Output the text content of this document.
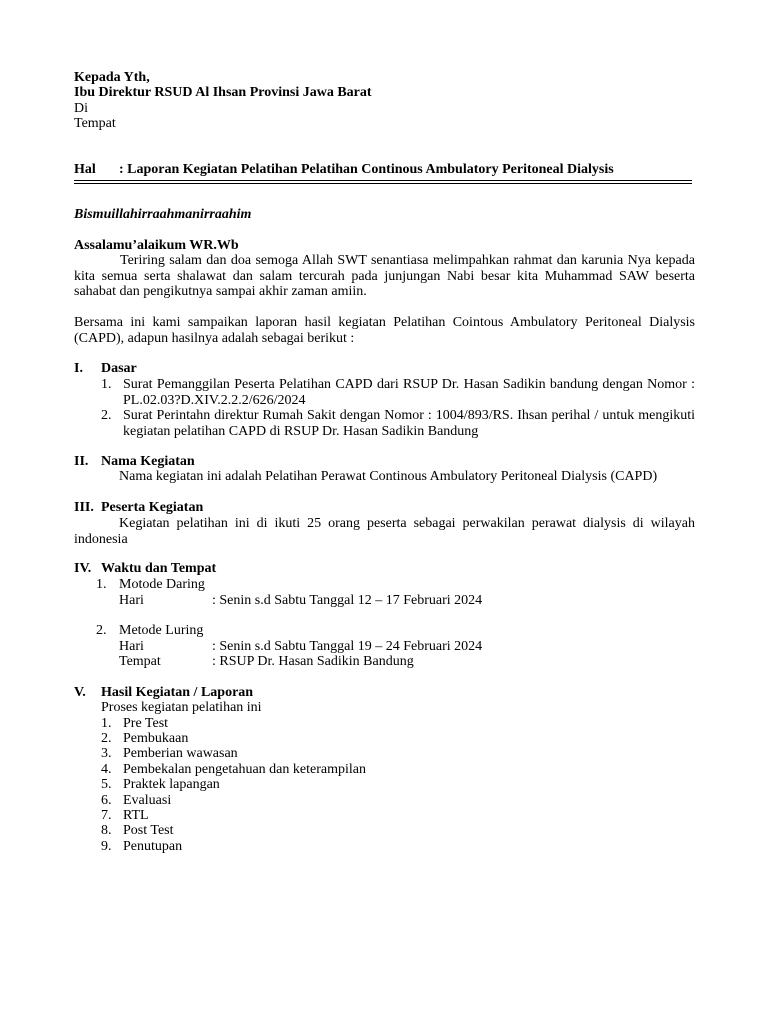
Kepada Yth,
Ibu Direktur RSUD Al Ihsan Provinsi Jawa Barat
Di
Tempat
Hal : Laporan Kegiatan Pelatihan Pelatihan Continous Ambulatory Peritoneal Dialysis
Bismuillahirraahmanirraahim
Assalamu’alaikum WR.Wb
Teriring salam dan doa semoga Allah SWT senantiasa melimpahkan rahmat dan karunia Nya kepada kita semua serta shalawat dan salam tercurah pada junjungan Nabi besar kita Muhammad SAW beserta sahabat dan pengikutnya sampai akhir zaman amiin.
Bersama ini kami sampaikan laporan hasil kegiatan Pelatihan Cointous Ambulatory Peritoneal Dialysis (CAPD), adapun hasilnya adalah sebagai berikut :
I. Dasar
1. Surat Pemanggilan Peserta Pelatihan CAPD dari RSUP Dr. Hasan Sadikin bandung dengan Nomor : PL.02.03?D.XIV.2.2.2/626/2024
2. Surat Perintahn direktur Rumah Sakit dengan Nomor : 1004/893/RS. Ihsan perihal / untuk mengikuti kegiatan pelatihan CAPD di RSUP Dr. Hasan Sadikin Bandung
II. Nama Kegiatan
Nama kegiatan ini adalah Pelatihan Perawat Continous Ambulatory Peritoneal Dialysis (CAPD)
III. Peserta Kegiatan
Kegiatan pelatihan ini di ikuti 25 orang peserta sebagai perwakilan perawat dialysis di wilayah indonesia
IV. Waktu dan Tempat
1. Motode Daring
Hari	: Senin s.d Sabtu Tanggal 12 – 17 Februari 2024
2. Metode Luring
Hari	: Senin s.d Sabtu Tanggal 19 – 24 Februari 2024
Tempat	: RSUP Dr. Hasan Sadikin Bandung
V. Hasil Kegiatan / Laporan
Proses kegiatan pelatihan ini
1. Pre Test
2. Pembukaan
3. Pemberian wawasan
4. Pembekalan pengetahuan dan keterampilan
5. Praktek lapangan
6. Evaluasi
7. RTL
8. Post Test
9. Penutupan
